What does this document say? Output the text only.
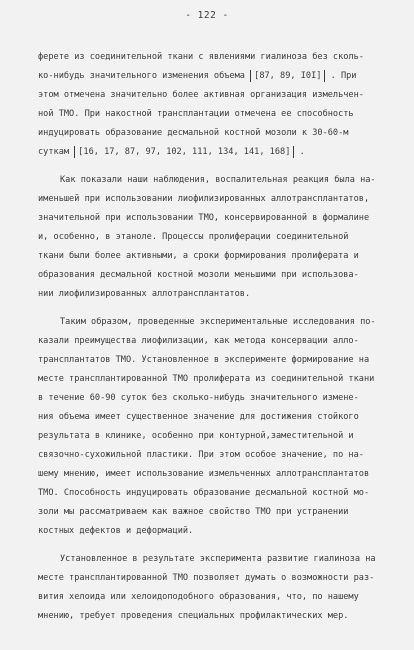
- 122 -
ферете из соединительной ткани с явлениями гиалиноза без сколь-
ко-нибудь значительного изменения объема [87, 89, I0I] . При
этом отмечена значительно более активная организация измельчен-
ной ТМО. При накостной трансплантации отмечена ее способность
индуцировать образование десмальной костной мозоли к 30-60-м
суткам [16, 17, 87, 97, 102, 111, 134, 141, 168] .
Как показали наши наблюдения, воспалительная реакция была на-
именьшей при использовании лиофилизированных аллотрансплантатов,
значительной при использовании ТМО, консервированной в формалине
и, особенно, в этаноле. Процессы пролиферации соединительной
ткани были более активными, а сроки формирования пролиферата и
образования десмальной костной мозоли меньшими при использова-
нии лиофилизированных аллотрансплантатов.
Таким образом, проведенные экспериментальные исследования по-
казали преимущества лиофилизации, как метода консервации алло-
трансплантатов ТМО. Установленное в эксперименте формирование на
месте трансплантированной ТМО пролиферата из соединительной ткани
в течение 60-90 суток без сколько-нибудь значительного измене-
ния объема имеет существенное значение для достижения стойкого
результата в клинике, особенно при контурной,заместительной и
связочно-сухожильной пластики. При этом особое значение, по на-
шему мнению, имеет использование измельченных аллотрансплантатов
ТМО. Способность индуцировать образование десмальной костной мо-
золи мы рассматриваем как важное свойство ТМО при устранении
костных дефектов и деформаций.
Установленное в результате эксперимента развитие гиалиноза на
месте трансплантированной ТМО позволяет думать о возможности раз-
вития хелоида или хелоидоподобного образования, что, по нашему
мнению, требует проведения специальных профилактических мер.
